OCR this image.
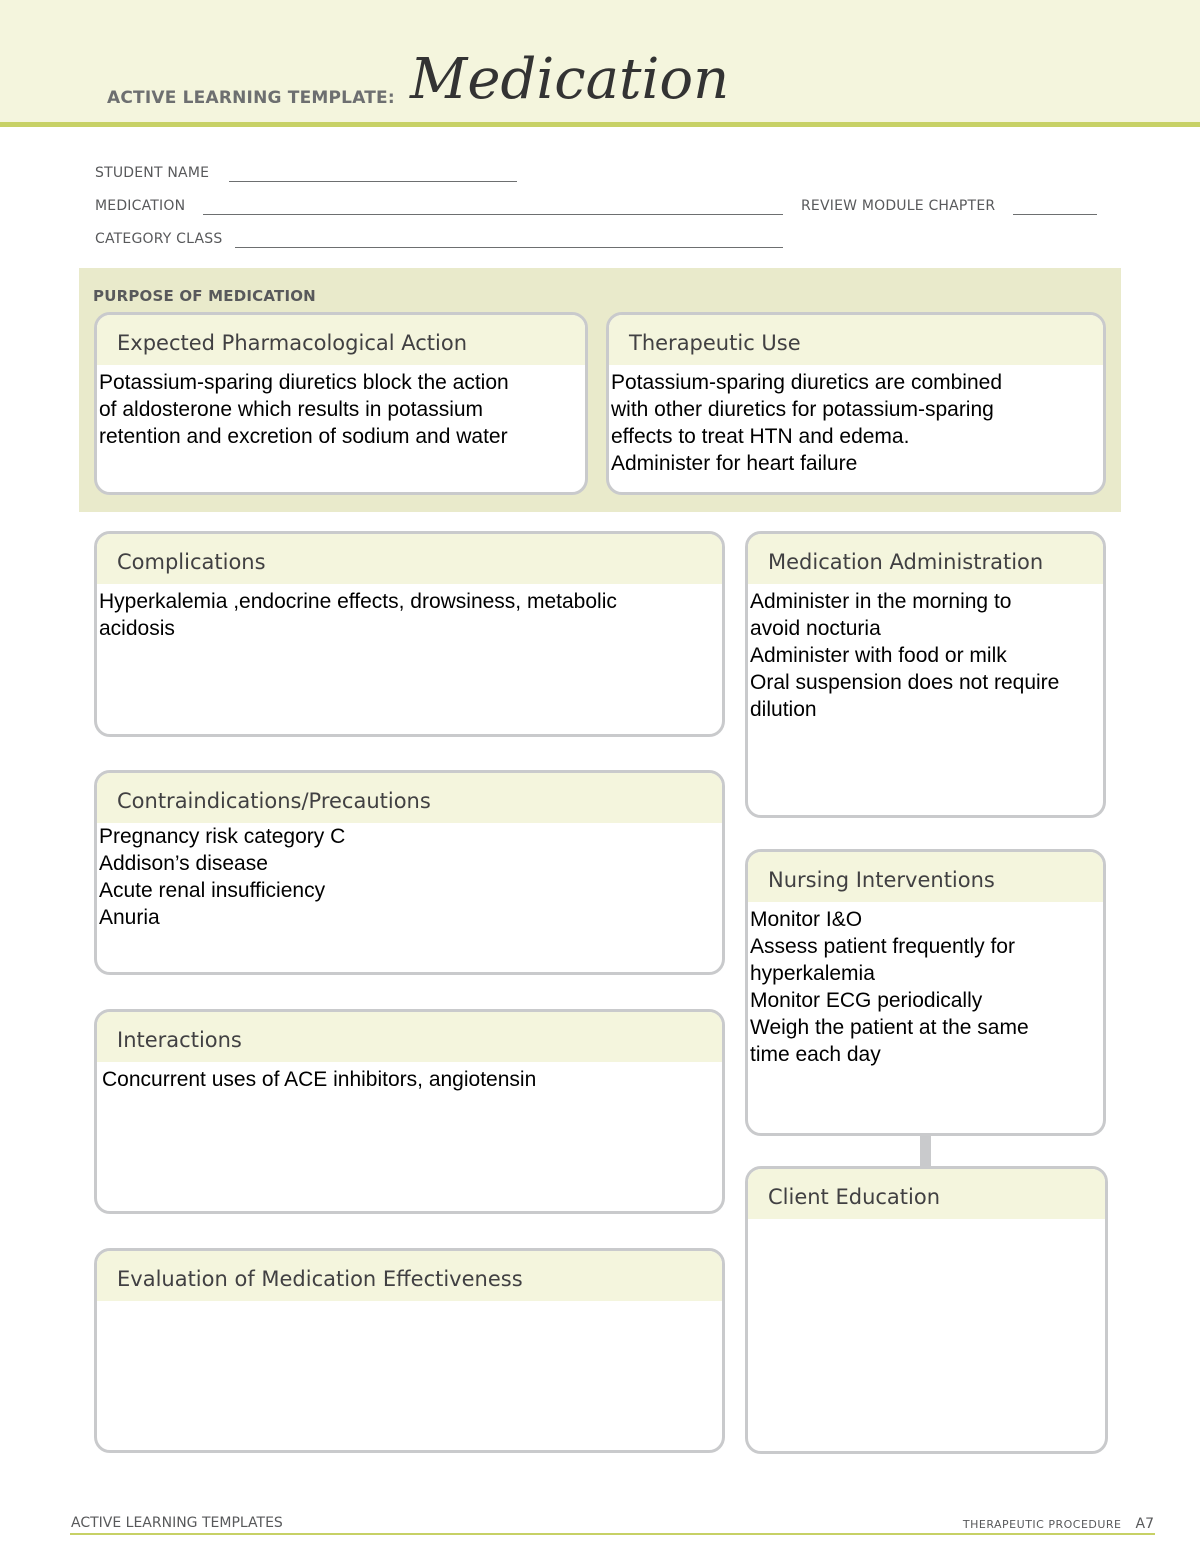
ACTIVE LEARNING TEMPLATE: Medication
STUDENT NAME
MEDICATION	REVIEW MODULE CHAPTER
CATEGORY CLASS
PURPOSE OF MEDICATION
Expected Pharmacological Action
Potassium-sparing diuretics block the action
of aldosterone which results in potassium
retention and excretion of sodium and water
Therapeutic Use
Potassium-sparing diuretics are combined
with other diuretics for potassium-sparing
effects to treat HTN and edema.
Administer for heart failure
Complications
Hyperkalemia ,endocrine effects, drowsiness, metabolic
acidosis
Contraindications/Precautions
Pregnancy risk category C
Addison’s disease
Acute renal insufficiency
Anuria
Interactions
Concurrent uses of ACE inhibitors, angiotensin
Evaluation of Medication Effectiveness
Medication Administration
Administer in the morning to
avoid nocturia
Administer with food or milk
Oral suspension does not require
dilution
Nursing Interventions
Monitor I&O
Assess patient frequently for
hyperkalemia
Monitor ECG periodically
Weigh the patient at the same
time each day
Client Education
ACTIVE LEARNING TEMPLATES	THERAPEUTIC PROCEDURE A7
